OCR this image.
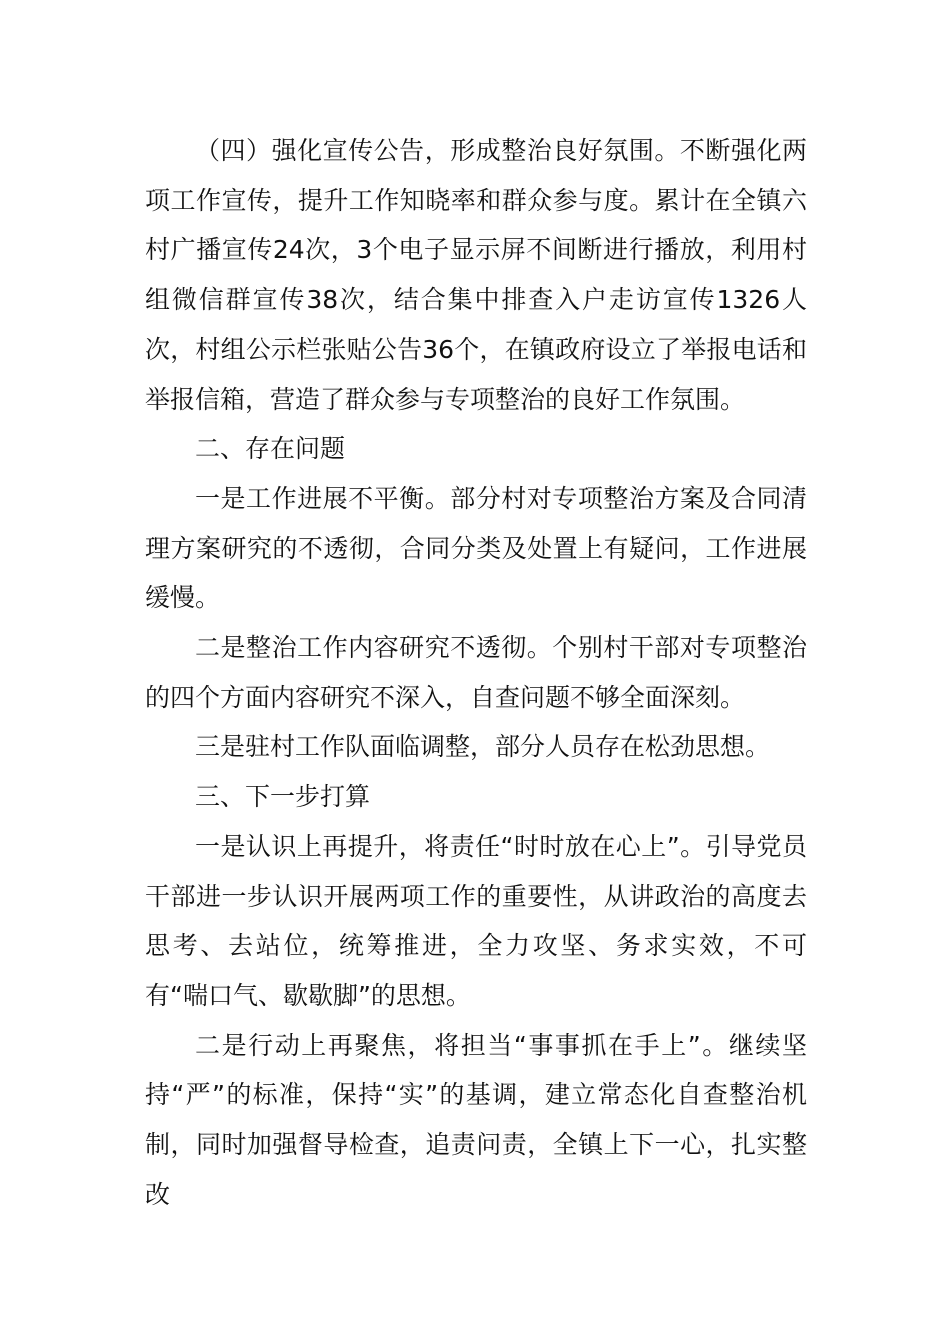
（四）强化宣传公告，形成整治良好氛围。不断强化两项工作宣传，提升工作知晓率和群众参与度。累计在全镇六村广播宣传24次，3个电子显示屏不间断进行播放，利用村组微信群宣传38次，结合集中排查入户走访宣传1326人次，村组公示栏张贴公告36个，在镇政府设立了举报电话和举报信箱，营造了群众参与专项整治的良好工作氛围。

二、存在问题

一是工作进展不平衡。部分村对专项整治方案及合同清理方案研究的不透彻，合同分类及处置上有疑问，工作进展缓慢。

二是整治工作内容研究不透彻。个别村干部对专项整治的四个方面内容研究不深入，自查问题不够全面深刻。

三是驻村工作队面临调整，部分人员存在松劲思想。

三、下一步打算

一是认识上再提升，将责任“时时放在心上”。引导党员干部进一步认识开展两项工作的重要性，从讲政治的高度去思考、去站位，统筹推进，全力攻坚、务求实效，不可有“喘口气、歇歇脚”的思想。

二是行动上再聚焦，将担当“事事抓在手上”。继续坚持“严”的标准，保持“实”的基调，建立常态化自查整治机制，同时加强督导检查，追责问责，全镇上下一心，扎实整改
